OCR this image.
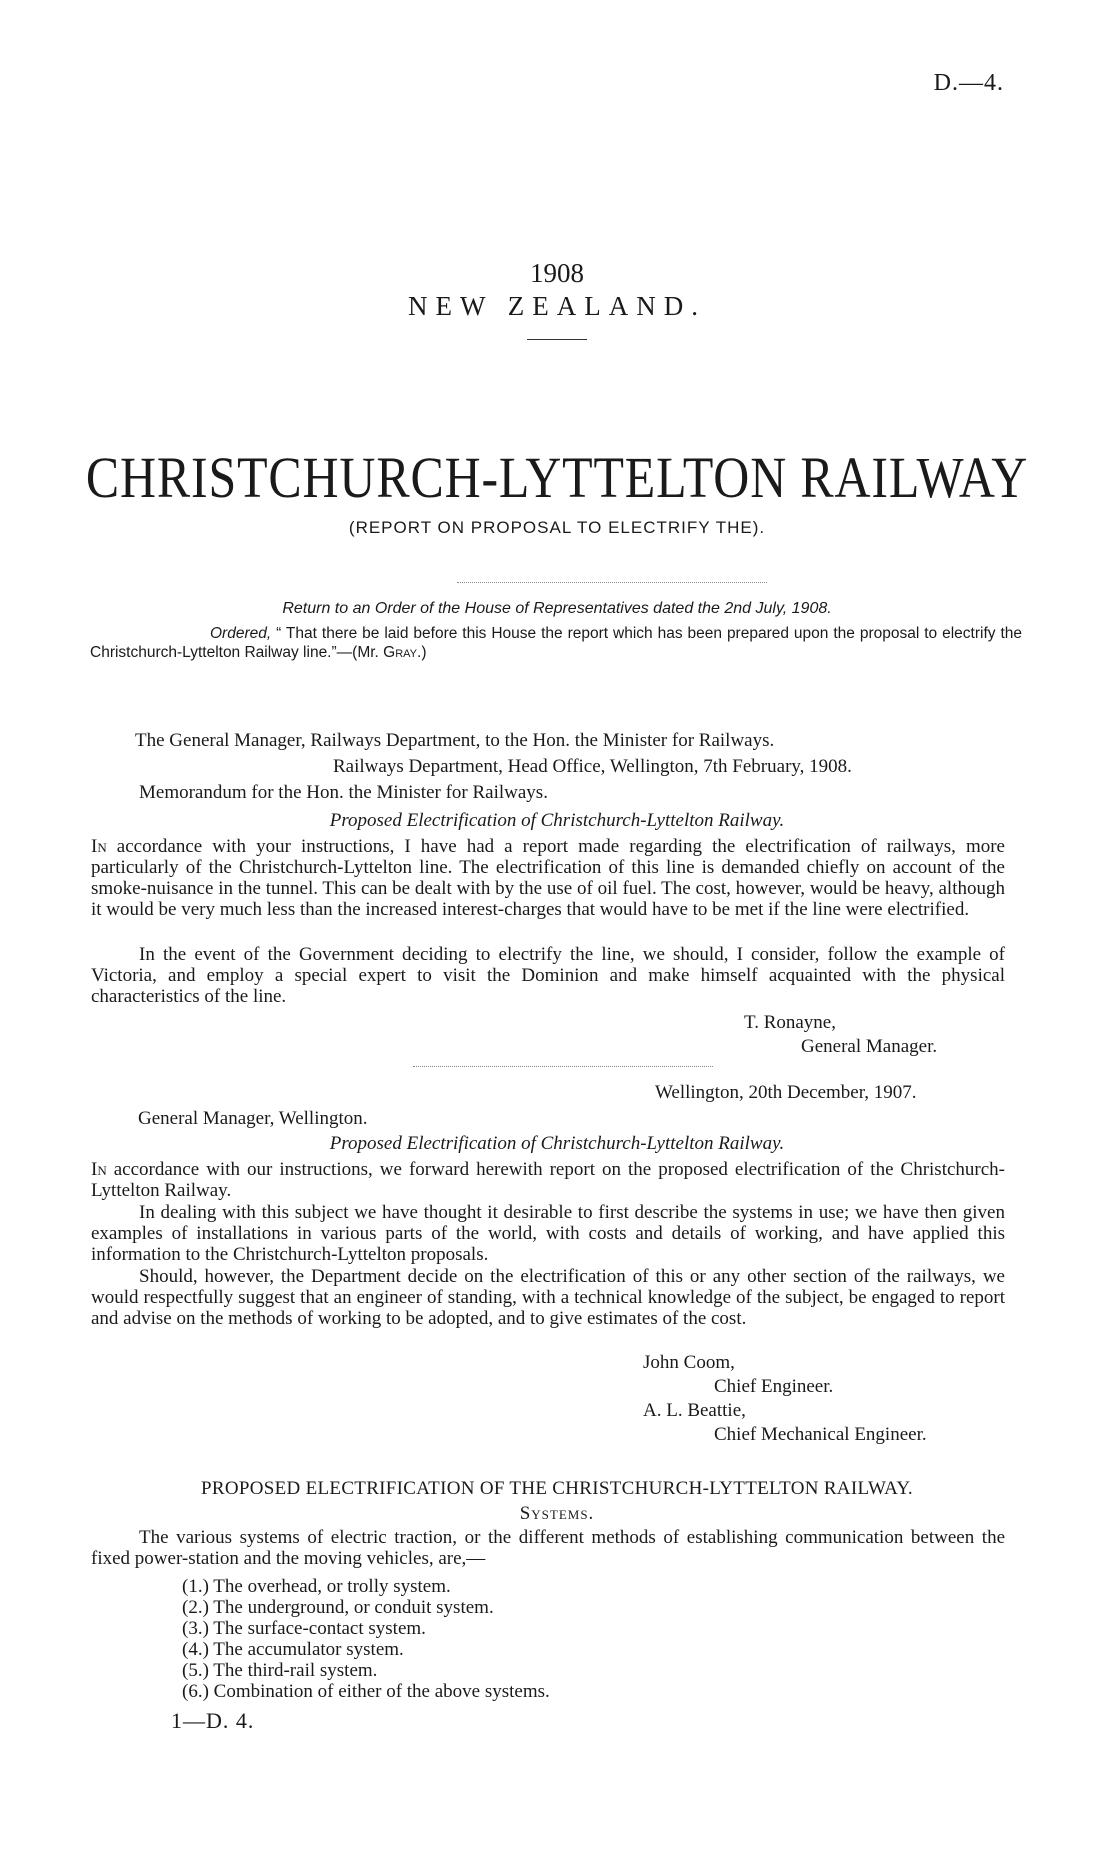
D.—4.
1908
NEW ZEALAND.
CHRISTCHURCH-LYTTELTON RAILWAY
(REPORT ON PROPOSAL TO ELECTRIFY THE).
Return to an Order of the House of Representatives dated the 2nd July, 1908.
Ordered, “ That there be laid before this House the report which has been prepared upon the proposal to electrify the Christchurch-Lyttelton Railway line.”—(Mr. Gray.)
The General Manager, Railways Department, to the Hon. the Minister for Railways.
Railways Department, Head Office, Wellington, 7th February, 1908.
Memorandum for the Hon. the Minister for Railways.
Proposed Electrification of Christchurch-Lyttelton Railway.
In accordance with your instructions, I have had a report made regarding the electrification of railways, more particularly of the Christchurch-Lyttelton line. The electrification of this line is demanded chiefly on account of the smoke-nuisance in the tunnel. This can be dealt with by the use of oil fuel. The cost, however, would be heavy, although it would be very much less than the increased interest-charges that would have to be met if the line were electrified.
In the event of the Government deciding to electrify the line, we should, I consider, follow the example of Victoria, and employ a special expert to visit the Dominion and make himself acquainted with the physical characteristics of the line.
T. Ronayne,
General Manager.
Wellington, 20th December, 1907.
General Manager, Wellington.
Proposed Electrification of Christchurch-Lyttelton Railway.
In accordance with our instructions, we forward herewith report on the proposed electrification of the Christchurch-Lyttelton Railway.
In dealing with this subject we have thought it desirable to first describe the systems in use; we have then given examples of installations in various parts of the world, with costs and details of working, and have applied this information to the Christchurch-Lyttelton proposals.
Should, however, the Department decide on the electrification of this or any other section of the railways, we would respectfully suggest that an engineer of standing, with a technical knowledge of the subject, be engaged to report and advise on the methods of working to be adopted, and to give estimates of the cost.
John Coom,
Chief Engineer.
A. L. Beattie,
Chief Mechanical Engineer.
PROPOSED ELECTRIFICATION OF THE CHRISTCHURCH-LYTTELTON RAILWAY.
Systems.
The various systems of electric traction, or the different methods of establishing communication between the fixed power-station and the moving vehicles, are,—
(1.) The overhead, or trolly system.
(2.) The underground, or conduit system.
(3.) The surface-contact system.
(4.) The accumulator system.
(5.) The third-rail system.
(6.) Combination of either of the above systems.
1—D. 4.
